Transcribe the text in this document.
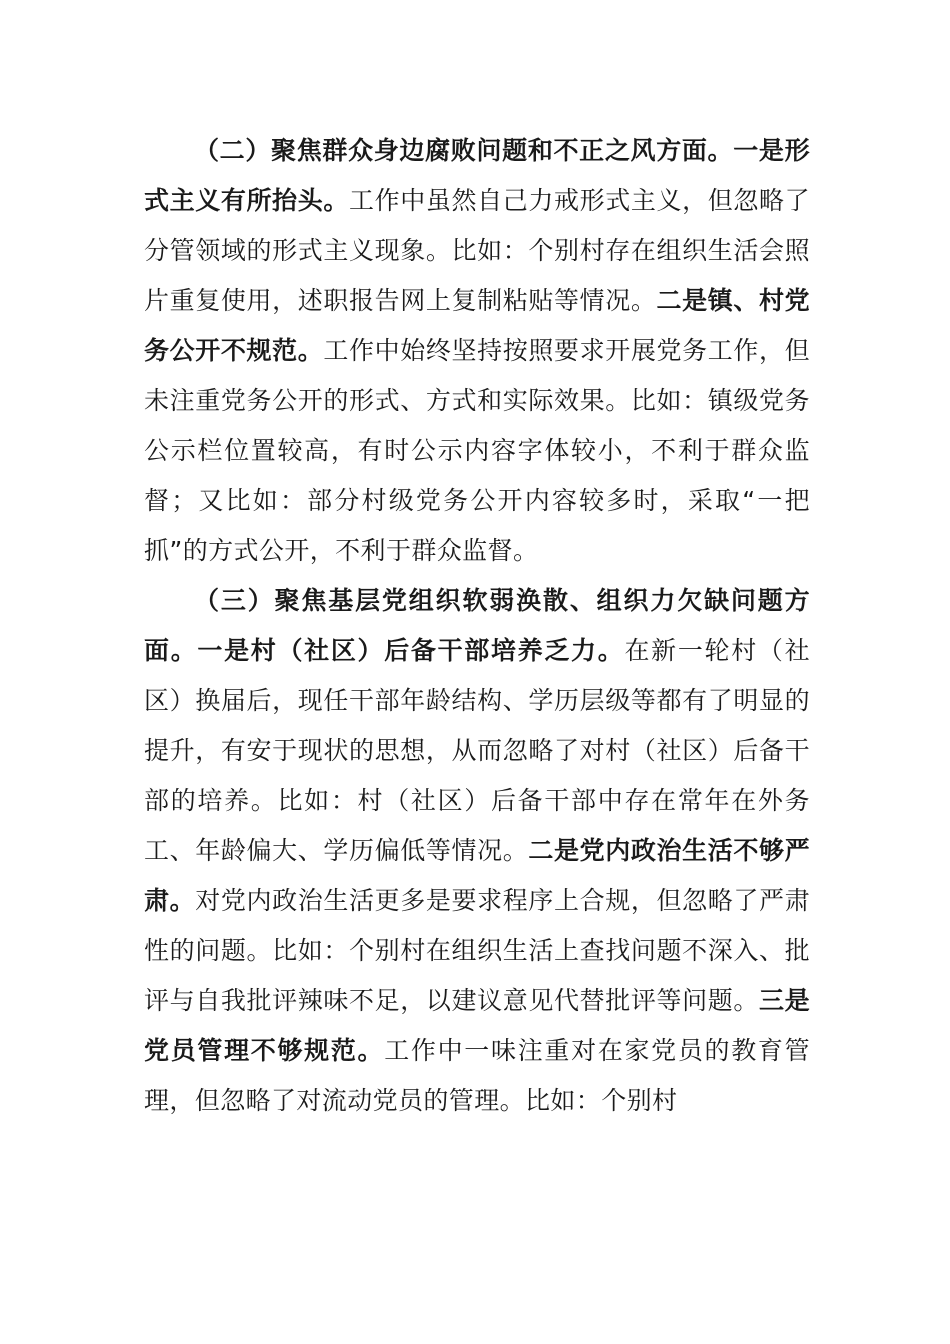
（二）聚焦群众身边腐败问题和不正之风方面。一是形式主义有所抬头。工作中虽然自己力戒形式主义，但忽略了分管领域的形式主义现象。比如：个别村存在组织生活会照片重复使用，述职报告网上复制粘贴等情况。二是镇、村党务公开不规范。工作中始终坚持按照要求开展党务工作，但未注重党务公开的形式、方式和实际效果。比如：镇级党务公示栏位置较高，有时公示内容字体较小，不利于群众监督；又比如：部分村级党务公开内容较多时，采取“一把抓”的方式公开，不利于群众监督。

（三）聚焦基层党组织软弱涣散、组织力欠缺问题方面。一是村（社区）后备干部培养乏力。在新一轮村（社区）换届后，现任干部年龄结构、学历层级等都有了明显的提升，有安于现状的思想，从而忽略了对村（社区）后备干部的培养。比如：村（社区）后备干部中存在常年在外务工、年龄偏大、学历偏低等情况。二是党内政治生活不够严肃。对党内政治生活更多是要求程序上合规，但忽略了严肃性的问题。比如：个别村在组织生活上查找问题不深入、批评与自我批评辣味不足，以建议意见代替批评等问题。三是党员管理不够规范。工作中一味注重对在家党员的教育管理，但忽略了对流动党员的管理。比如：个别村
